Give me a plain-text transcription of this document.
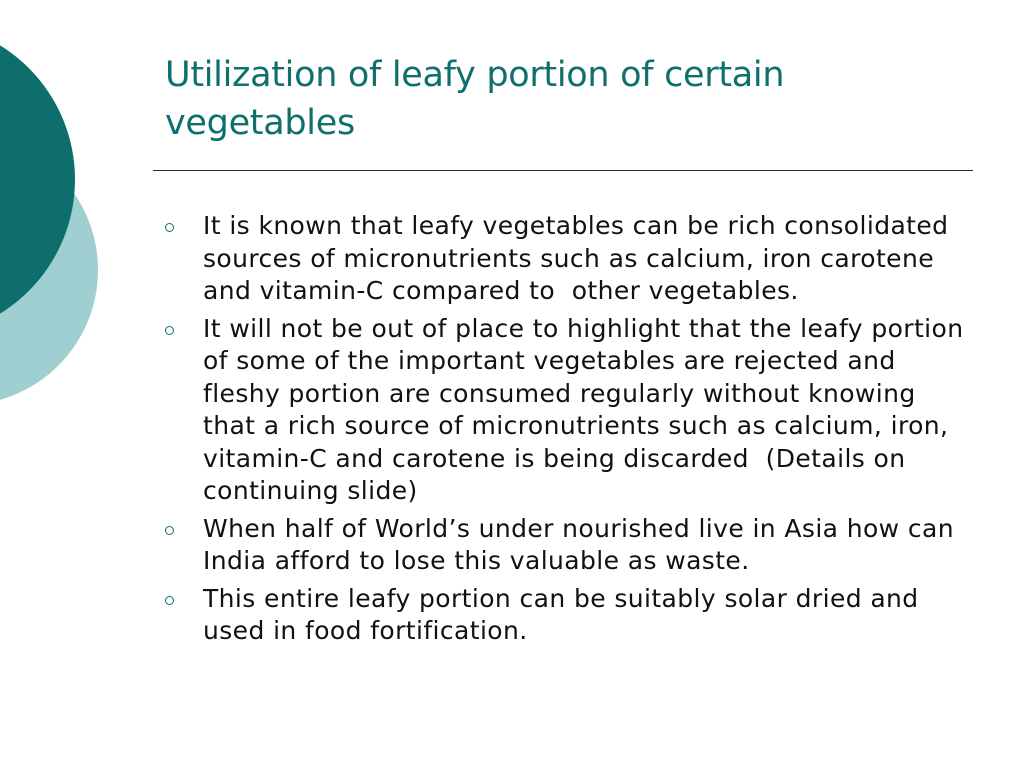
Utilization of leafy portion of certain vegetables
It is known that leafy vegetables can be rich consolidated sources of micronutrients such as calcium, iron carotene and vitamin-C compared to  other vegetables.
It will not be out of place to highlight that the leafy portion of some of the important vegetables are rejected and fleshy portion are consumed regularly without knowing that a rich source of micronutrients such as calcium, iron, vitamin-C and carotene is being discarded  (Details on continuing slide)
When half of World’s under nourished live in Asia how can India afford to lose this valuable as waste.
This entire leafy portion can be suitably solar dried and used in food fortification.
